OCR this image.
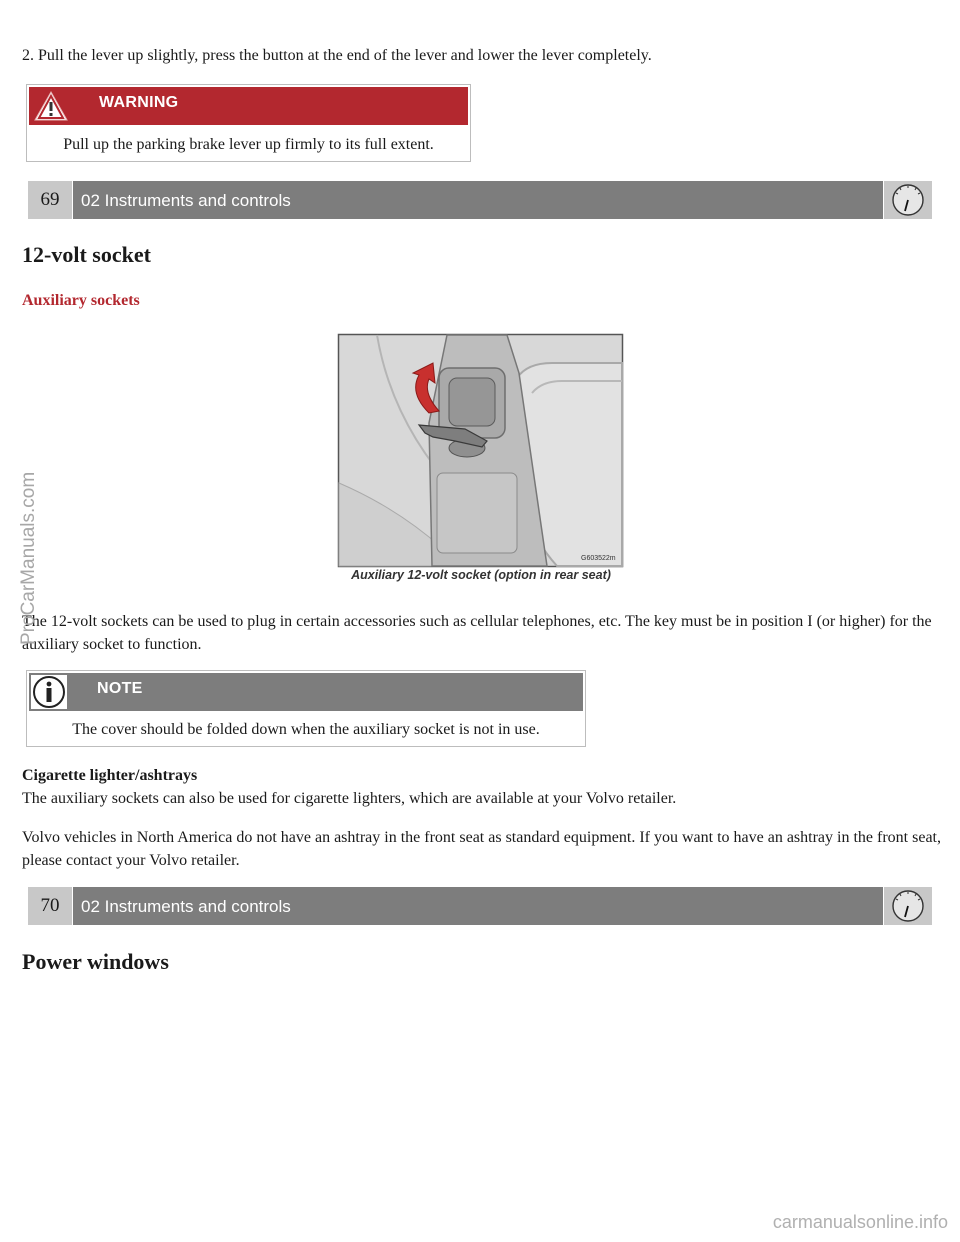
2. Pull the lever up slightly, press the button at the end of the lever and lower the lever completely.

WARNING
Pull up the parking brake lever up firmly to its full extent.
69	02 Instruments and controls
12-volt socket
Auxiliary sockets
G603522m
Auxiliary 12-volt socket (option in rear seat)

The 12-volt sockets can be used to plug in certain accessories such as cellular telephones, etc. The key must be in position I (or higher) for the auxiliary socket to function.

NOTE
The cover should be folded down when the auxiliary socket is not in use.
Cigarette lighter/ashtrays

The auxiliary sockets can also be used for cigarette lighters, which are available at your Volvo retailer.

Volvo vehicles in North America do not have an ashtray in the front seat as standard equipment. If you want to have an ashtray in the front seat, please contact your Volvo retailer.

70	02 Instruments and controls
Power windows
ProCarManuals.com
carmanualsonline.info
